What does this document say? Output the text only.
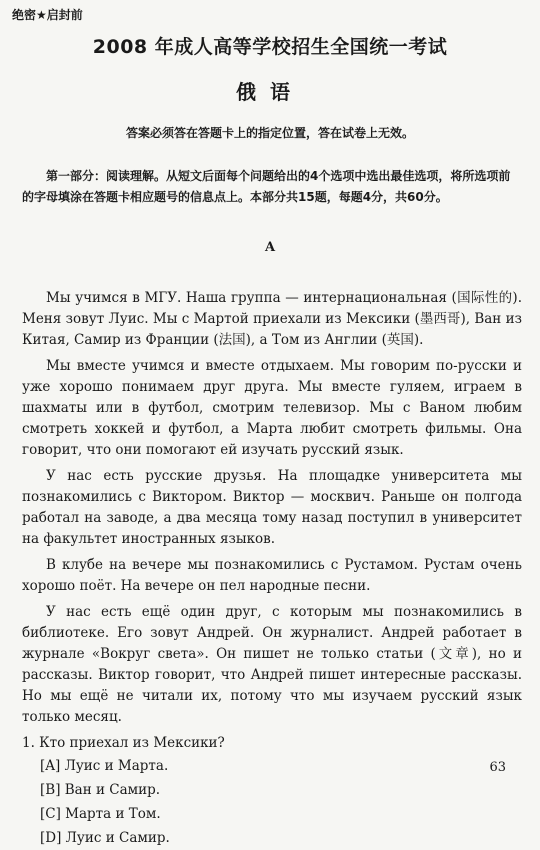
绝密★启封前
2008 年成人高等学校招生全国统一考试
俄语
答案必须答在答题卡上的指定位置，答在试卷上无效。
第一部分：阅读理解。从短文后面每个问题给出的4个选项中选出最佳选项，将所选项前的字母填涂在答题卡相应题号的信息点上。本部分共15题，每题4分，共60分。
A

Мы учимся в МГУ. Наша группа — интернациональная (国际性的). Меня зовут Луис. Мы с Мартой приехали из Мексики (墨西哥), Ван из Китая, Самир из Франции (法国), а Том из Англии (英国).

Мы вместе учимся и вместе отдыхаем. Мы говорим по-русски и уже хорошо понимаем друг друга. Мы вместе гуляем, играем в шахматы или в футбол, смотрим телевизор. Мы с Ваном любим смотреть хоккей и футбол, а Марта любит смотреть фильмы. Она говорит, что они помогают ей изучать русский язык.

У нас есть русские друзья. На площадке университета мы познакомились с Виктором. Виктор — москвич. Раньше он полгода работал на заводе, а два месяца тому назад поступил в университет на факультет иностранных языков.

В клубе на вечере мы познакомились с Рустамом. Рустам очень хорошо поёт. На вечере он пел народные песни.

У нас есть ещё один друг, с которым мы познакомились в библиотеке. Его зовут Андрей. Он журналист. Андрей работает в журнале «Вокруг света». Он пишет не только статьи (文章), но и рассказы. Виктор говорит, что Андрей пишет интересные рассказы. Но мы ещё не читали их, потому что мы изучаем русский язык только месяц.

1. Кто приехал из Мексики?

[A] Луис и Марта.

[B] Ван и Самир.

[C] Марта и Том.

[D] Луис и Самир.

63
